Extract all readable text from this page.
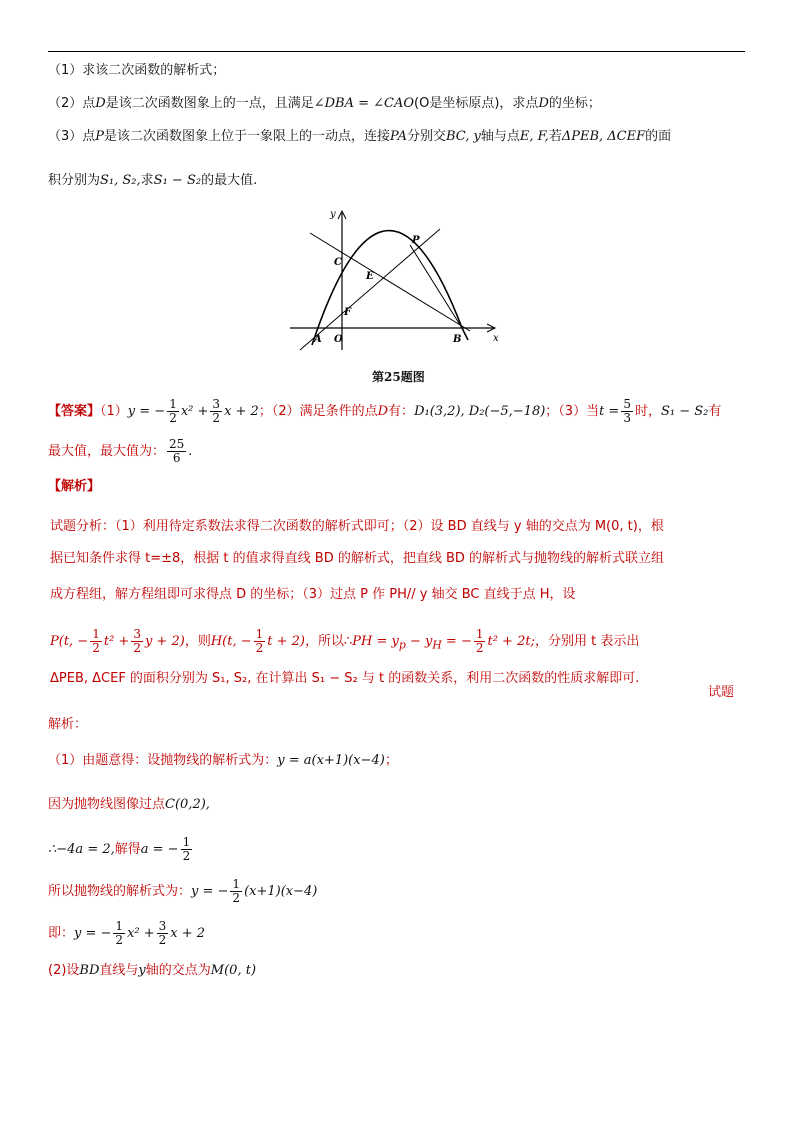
（1）求该二次函数的解析式；
（2）点D是该二次函数图象上的一点，且满足∠DBA = ∠CAO(O是坐标原点)，求点D的坐标；
（3）点P是该二次函数图象上位于一象限上的一动点，连接PA分别交BC, y轴与点E, F,若ΔPEB, ΔCEF的面
积分别为S₁, S₂,求S₁ − S₂的最大值.
y
x
C
E
F
P
A O	B
第25题图
【答案】（1）y = − $\frac{1}{2} x^2 + \frac{3}{2}$ x + 2；（2）满足条件的点D有：D₁(3,2), D₂(−5,−18)；（3）当$t = \frac{5}{3}$ 时，S₁ − S₂有
最大值，最大值为： $\frac{25}{6}$ .
【解析】
试题分析：（1）利用待定系数法求得二次函数的解析式即可；（2）设 BD 直线与 y 轴的交点为 M(0, t)，根
据已知条件求得 t=±8，根据 t 的值求得直线 BD 的解析式，把直线 BD 的解析式与抛物线的解析式联立组
成方程组，解方程组即可求得点 D 的坐标；（3）过点 P 作 PH// y 轴交 BC 直线于点 H，设
P(t, − $\frac{1}{2} t^2 + \frac{3}{2}$ y + 2)，则H(t, − $\frac{1}{2}$ t + 2)，所以∴PH = $y_p - y_H$ = − $\frac{1}{2} t^2 + 2t$;，分别用 t 表示出
ΔPEB, ΔCEF 的面积分别为 S₁, S₂, 在计算出 S₁ − S₂ 与 t 的函数关系，利用二次函数的性质求解即可.
试题
解析：
（1）由题意得：设抛物线的解析式为：y = a(x+1)(x−4)；
因为抛物线图像过点C(0,2),
∴−4a = 2,解得a = − $\frac{1}{2}$
所以抛物线的解析式为：y = − $\frac{1}{2} (x+1)(x-4)$
即：y = − $\frac{1}{2} x^2 + \frac{3}{2}$ x + 2
(2)设BD直线与y轴的交点为M(0, t)
